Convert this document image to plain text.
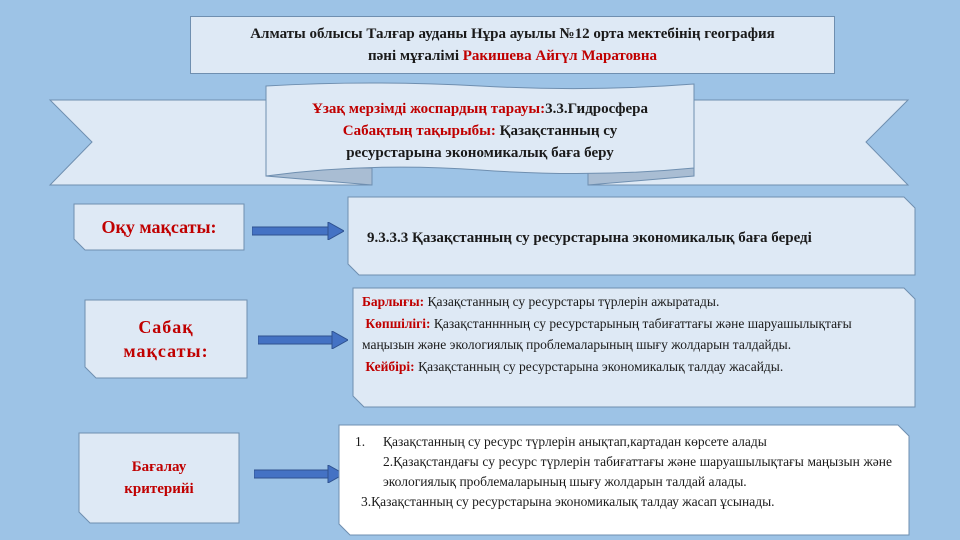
Алматы облысы Талғар ауданы Нұра ауылы №12 орта мектебінің география
пәні мұғалімі Ракишева Айгүл Маратовна
Ұзақ мерзімді жоспардың тарауы:3.3.Гидросфера
Сабақтың тақырыбы: Қазақстанның су
ресурстарына экономикалық баға беру
Оқу мақсаты:
9.3.3.3 Қазақстанның су ресурстарына экономикалық баға береді
Сабақ
мақсаты:
Барлығы: Қазақстанның су ресурстары түрлерін ажыратады.
Көпшілігі: Қазақстанннның су ресурстарының табиғаттағы және шаруашылықтағы маңызын және экологиялық проблемаларының шығу жолдарын талдайды.
Кейбірі: Қазақстанның су ресурстарына экономикалық талдау жасайды.
Бағалау
критерийі
1.	Қазақстанның су ресурс түрлерін анықтап,картадан көрсете алады
2.Қазақстандағы су ресурс түрлерін табиғаттағы және шаруашылықтағы маңызын және экологиялық проблемаларының шығу жолдарын талдай алады.
3.Қазақстанның су ресурстарына экономикалық талдау жасап ұсынады.
